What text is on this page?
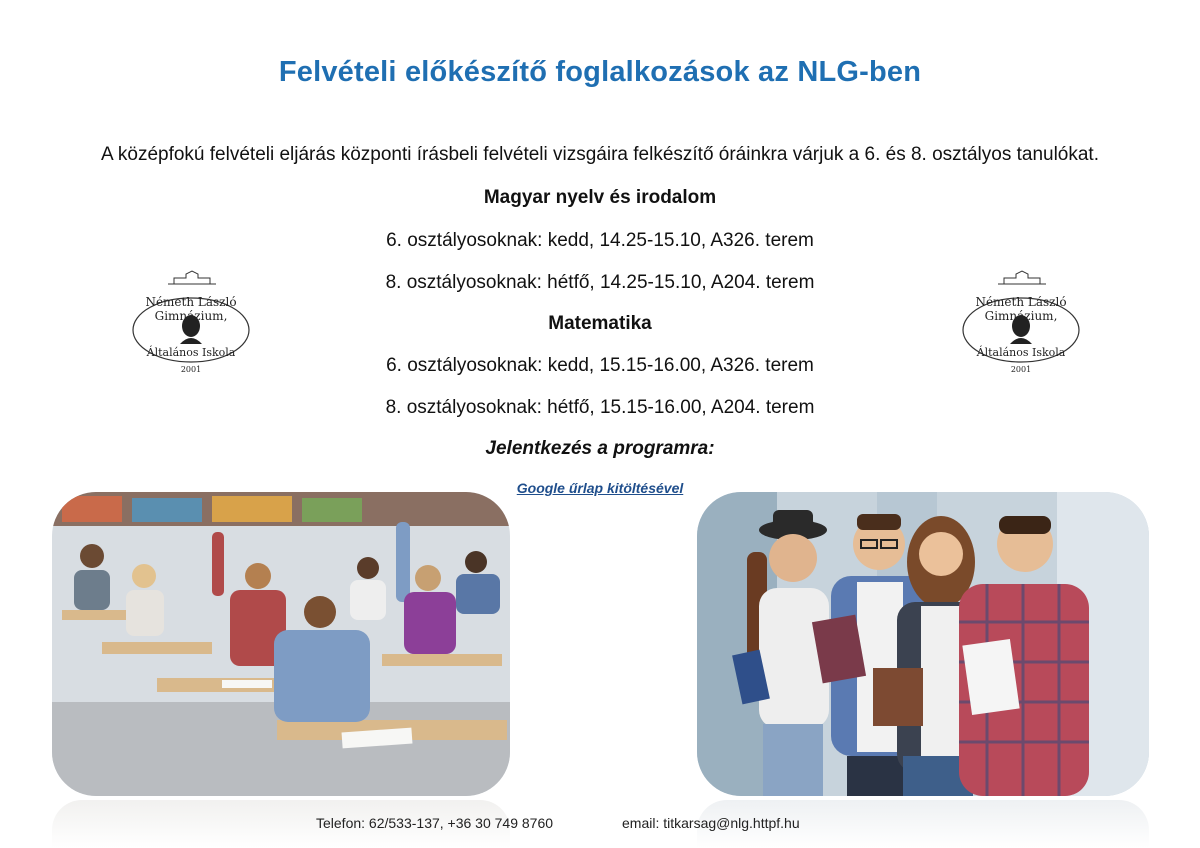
Felvételi előkészítő foglalkozások az NLG-ben
A középfokú felvételi eljárás központi írásbeli felvételi vizsgáira felkészítő óráinkra várjuk a 6. és 8. osztályos tanulókat.
Magyar nyelv és irodalom
6. osztályosoknak: kedd, 14.25-15.10, A326. terem
8. osztályosoknak: hétfő, 14.25-15.10, A204. terem
Matematika
6. osztályosoknak: kedd, 15.15-16.00, A326. terem
8. osztályosoknak: hétfő, 15.15-16.00, A204. terem
Jelentkezés a programra:
Google űrlap kitöltésével
Németh László
Gimnázium,
Általános Iskola
2001
Németh László
Gimnázium,
Általános Iskola
2001
Telefon: 62/533-137, +36 30 749 8760	email: titkarsag@nlg.httpf.hu
